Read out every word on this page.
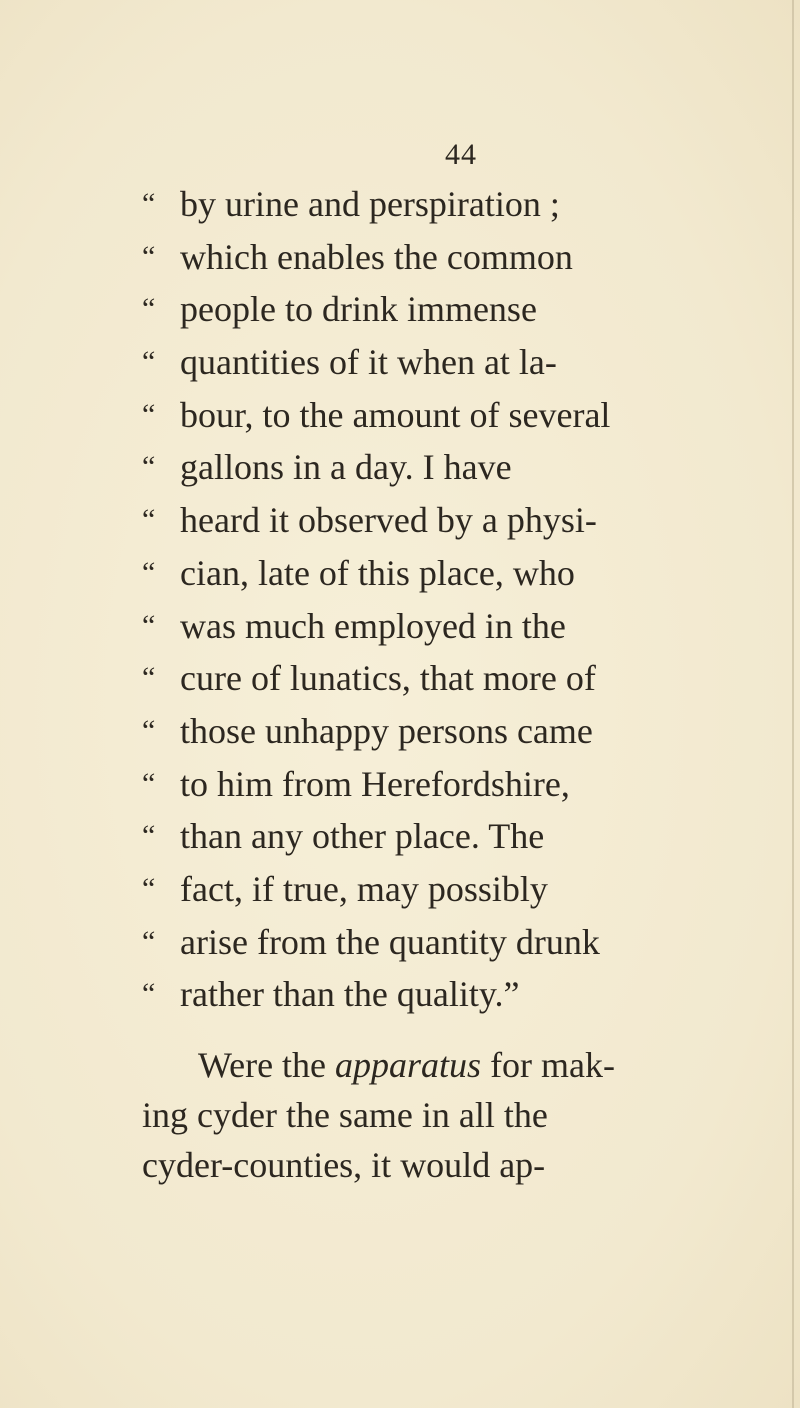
44
“ by urine and perspiration ;
“ which enables the common
“ people to drink immense
“ quantities of it when at la-
“ bour, to the amount of several
“ gallons in a day. I have
“ heard it observed by a physi-
“ cian, late of this place, who
“ was much employed in the
“ cure of lunatics, that more of
“ those unhappy persons came
“ to him from Herefordshire,
“ than any other place. The
“ fact, if true, may possibly
“ arise from the quantity drunk
“ rather than the quality.”
Were the apparatus for mak-
ing cyder the same in all the
cyder-counties, it would ap-
